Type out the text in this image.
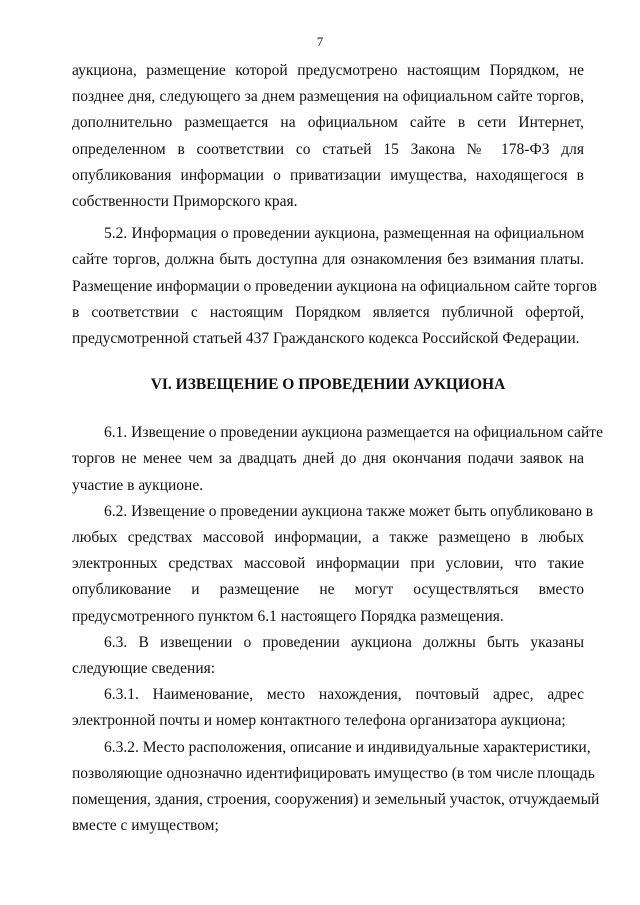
7

аукциона, размещение которой предусмотрено настоящим Порядком, не
позднее дня, следующего за днем размещения на официальном сайте торгов,
дополнительно размещается на официальном сайте в сети Интернет,
определенном в соответствии со статьей 15 Закона № 178-ФЗ для
опубликования информации о приватизации имущества, находящегося в
собственности Приморского края.

5.2. Информация о проведении аукциона, размещенная на официальном
сайте торгов, должна быть доступна для ознакомления без взимания платы.
Размещение информации о проведении аукциона на официальном сайте торгов
в соответствии с настоящим Порядком является публичной офертой,
предусмотренной статьей 437 Гражданского кодекса Российской Федерации.

VI. ИЗВЕЩЕНИЕ О ПРОВЕДЕНИИ АУКЦИОНА

6.1. Извещение о проведении аукциона размещается на официальном сайте
торгов не менее чем за двадцать дней до дня окончания подачи заявок на
участие в аукционе.

6.2. Извещение о проведении аукциона также может быть опубликовано в
любых средствах массовой информации, а также размещено в любых
электронных средствах массовой информации при условии, что такие
опубликование и размещение не могут осуществляться вместо
предусмотренного пунктом 6.1 настоящего Порядка размещения.

6.3. В извещении о проведении аукциона должны быть указаны
следующие сведения:

6.3.1. Наименование, место нахождения, почтовый адрес, адрес
электронной почты и номер контактного телефона организатора аукциона;

6.3.2. Место расположения, описание и индивидуальные характеристики,
позволяющие однозначно идентифицировать имущество (в том числе площадь
помещения, здания, строения, сооружения) и земельный участок, отчуждаемый
вместе с имуществом;
